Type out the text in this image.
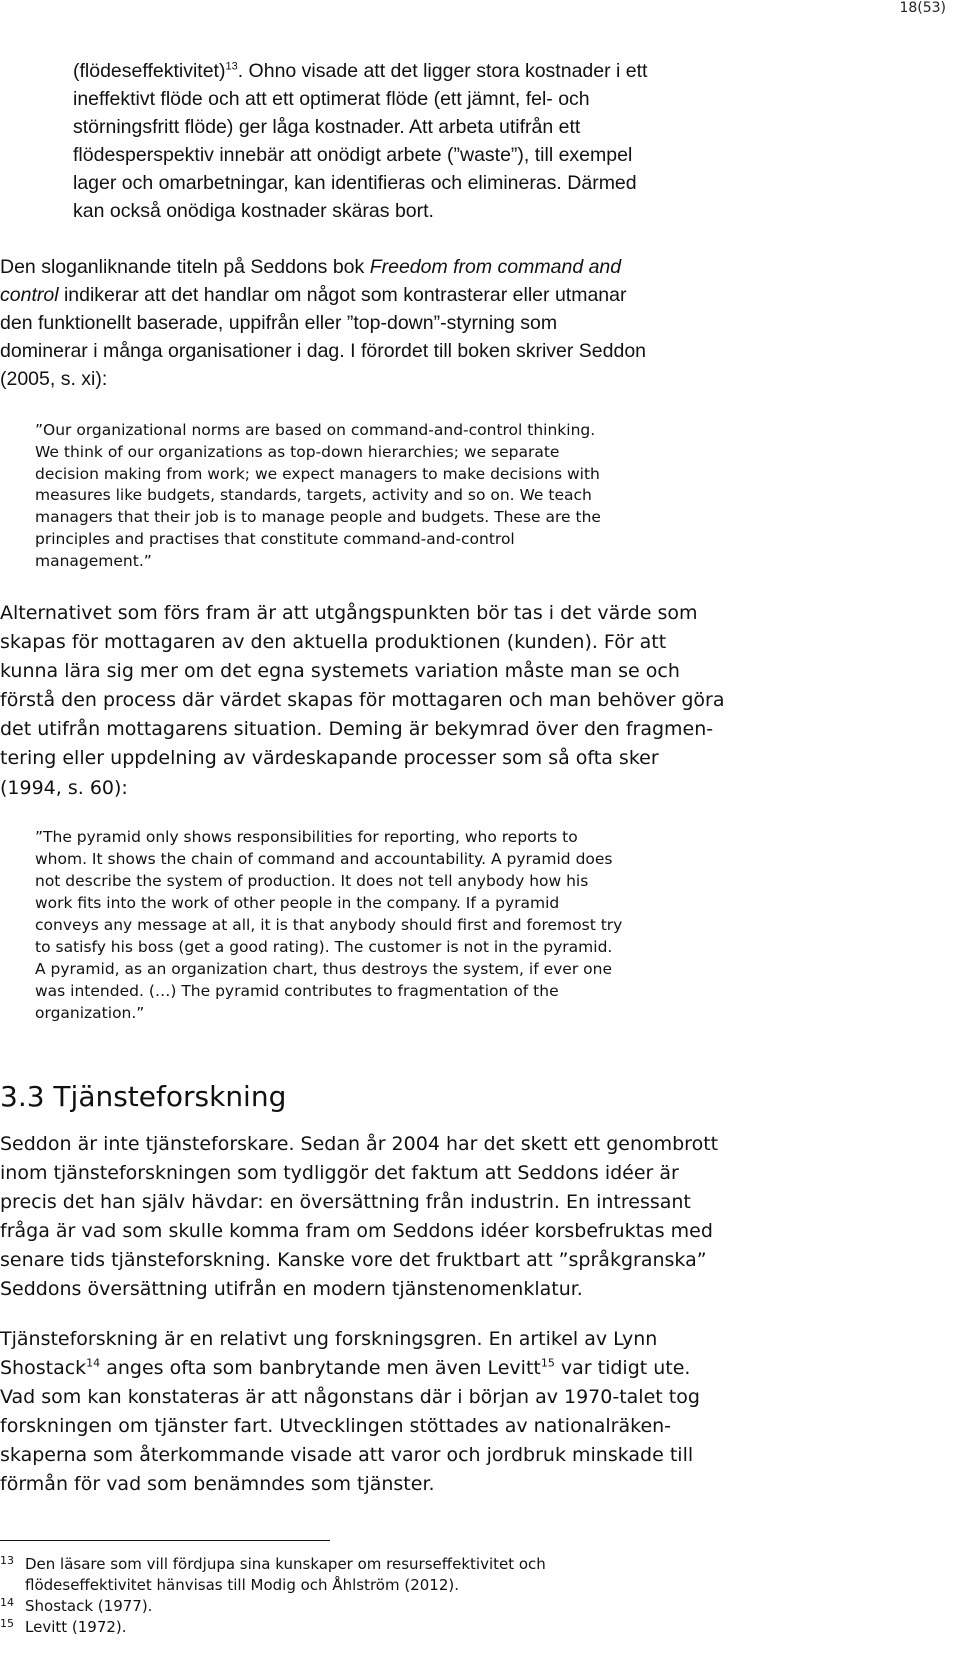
18(53)
(flödeseffektivitet)$^{13}$. Ohno visade att det ligger stora kostnader i ett
ineffektivt flöde och att ett optimerat flöde (ett jämnt, fel- och
störningsfritt flöde) ger låga kostnader. Att arbeta utifrån ett
flödesperspektiv innebär att onödigt arbete (”waste”), till exempel
lager och omarbetningar, kan identifieras och elimineras. Därmed
kan också onödiga kostnader skäras bort.
Den sloganliknande titeln på Seddons bok Freedom from command and
control indikerar att det handlar om något som kontrasterar eller utmanar
den funktionellt baserade, uppifrån eller ”top-down”-styrning som
dominerar i många organisationer i dag. I förordet till boken skriver Seddon
(2005, s. xi):
”Our organizational norms are based on command-and-control thinking.
We think of our organizations as top-down hierarchies; we separate
decision making from work; we expect managers to make decisions with
measures like budgets, standards, targets, activity and so on. We teach
managers that their job is to manage people and budgets. These are the
principles and practises that constitute command-and-control
management.”
Alternativet som förs fram är att utgångspunkten bör tas i det värde som
skapas för mottagaren av den aktuella produktionen (kunden). För att
kunna lära sig mer om det egna systemets variation måste man se och
förstå den process där värdet skapas för mottagaren och man behöver göra
det utifrån mottagarens situation. Deming är bekymrad över den fragmen-
tering eller uppdelning av värdeskapande processer som så ofta sker
(1994, s. 60):
”The pyramid only shows responsibilities for reporting, who reports to
whom. It shows the chain of command and accountability. A pyramid does
not describe the system of production. It does not tell anybody how his
work fits into the work of other people in the company. If a pyramid
conveys any message at all, it is that anybody should first and foremost try
to satisfy his boss (get a good rating). The customer is not in the pyramid.
A pyramid, as an organization chart, thus destroys the system, if ever one
was intended. (…) The pyramid contributes to fragmentation of the
organization.”
3.3 Tjänsteforskning
Seddon är inte tjänsteforskare. Sedan år 2004 har det skett ett genombrott
inom tjänsteforskningen som tydliggör det faktum att Seddons idéer är
precis det han själv hävdar: en översättning från industrin. En intressant
fråga är vad som skulle komma fram om Seddons idéer korsbefruktas med
senare tids tjänsteforskning. Kanske vore det fruktbart att ”språkgranska”
Seddons översättning utifrån en modern tjänstenomenklatur.
Tjänsteforskning är en relativt ung forskningsgren. En artikel av Lynn
Shostack$^{14}$ anges ofta som banbrytande men även Levitt$^{15}$ var tidigt ute.
Vad som kan konstateras är att någonstans där i början av 1970-talet tog
forskningen om tjänster fart. Utvecklingen stöttades av nationalräken-
skaperna som återkommande visade att varor och jordbruk minskade till
förmån för vad som benämndes som tjänster.
13 Den läsare som vill fördjupa sina kunskaper om resurseffektivitet och
flödeseffektivitet hänvisas till Modig och Åhlström (2012).
14 Shostack (1977).
15 Levitt (1972).
